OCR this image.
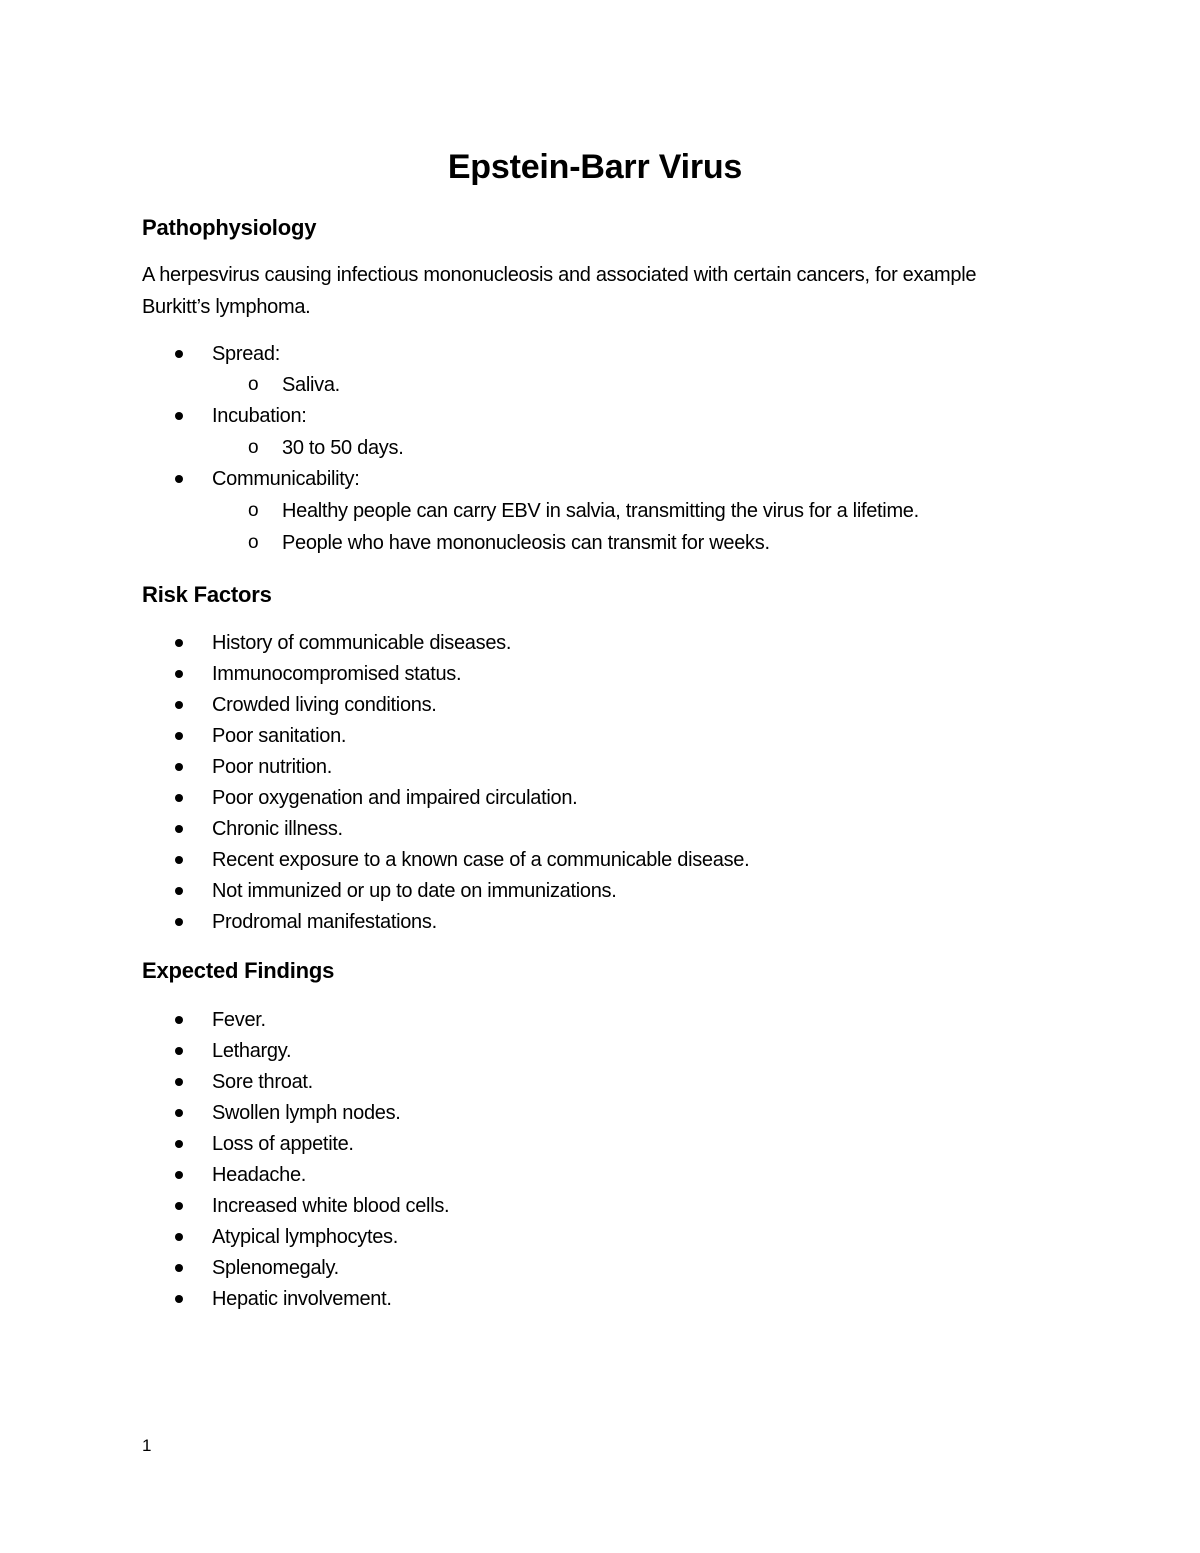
Epstein-Barr Virus
Pathophysiology
A herpesvirus causing infectious mononucleosis and associated with certain cancers, for example Burkitt’s lymphoma.
Spread:
o Saliva.
Incubation:
o 30 to 50 days.
Communicability:
o Healthy people can carry EBV in salvia, transmitting the virus for a lifetime.
o People who have mononucleosis can transmit for weeks.
Risk Factors
History of communicable diseases.
Immunocompromised status.
Crowded living conditions.
Poor sanitation.
Poor nutrition.
Poor oxygenation and impaired circulation.
Chronic illness.
Recent exposure to a known case of a communicable disease.
Not immunized or up to date on immunizations.
Prodromal manifestations.
Expected Findings
Fever.
Lethargy.
Sore throat.
Swollen lymph nodes.
Loss of appetite.
Headache.
Increased white blood cells.
Atypical lymphocytes.
Splenomegaly.
Hepatic involvement.
1
